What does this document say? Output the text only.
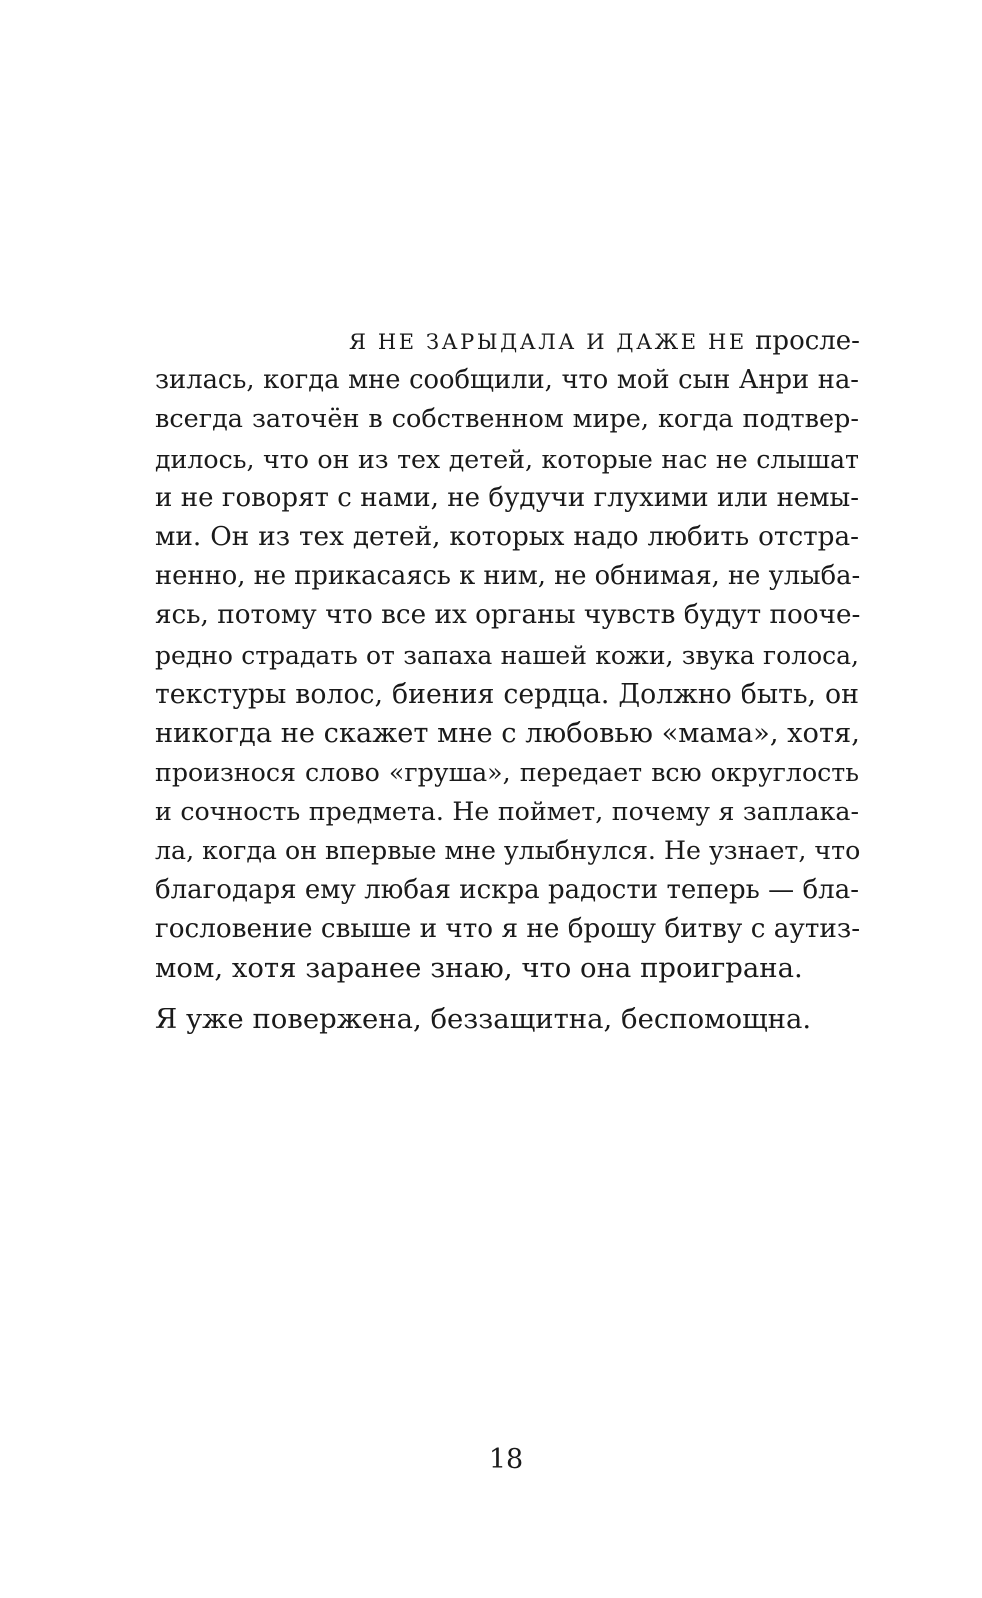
Я НЕ ЗАРЫДАЛА И ДАЖЕ НЕ просле-
зилась, когда мне сообщили, что мой сын Анри на-
всегда заточён в собственном мире, когда подтвер-
дилось, что он из тех детей, которые нас не слышат
и не говорят с нами, не будучи глухими или немы-
ми. Он из тех детей, которых надо любить отстра-
ненно, не прикасаясь к ним, не обнимая, не улыба-
ясь, потому что все их органы чувств будут пооче-
редно страдать от запаха нашей кожи, звука голоса,
текстуры волос, биения сердца. Должно быть, он
никогда не скажет мне с любовью «мама», хотя,
произнося слово «груша», передает всю округлость
и сочность предмета. Не поймет, почему я заплака-
ла, когда он впервые мне улыбнулся. Не узнает, что
благодаря ему любая искра радости теперь — бла-
гословение свыше и что я не брошу битву с аутиз-
мом, хотя заранее знаю, что она проиграна.
Я уже повержена, беззащитна, беспомощна.
18
